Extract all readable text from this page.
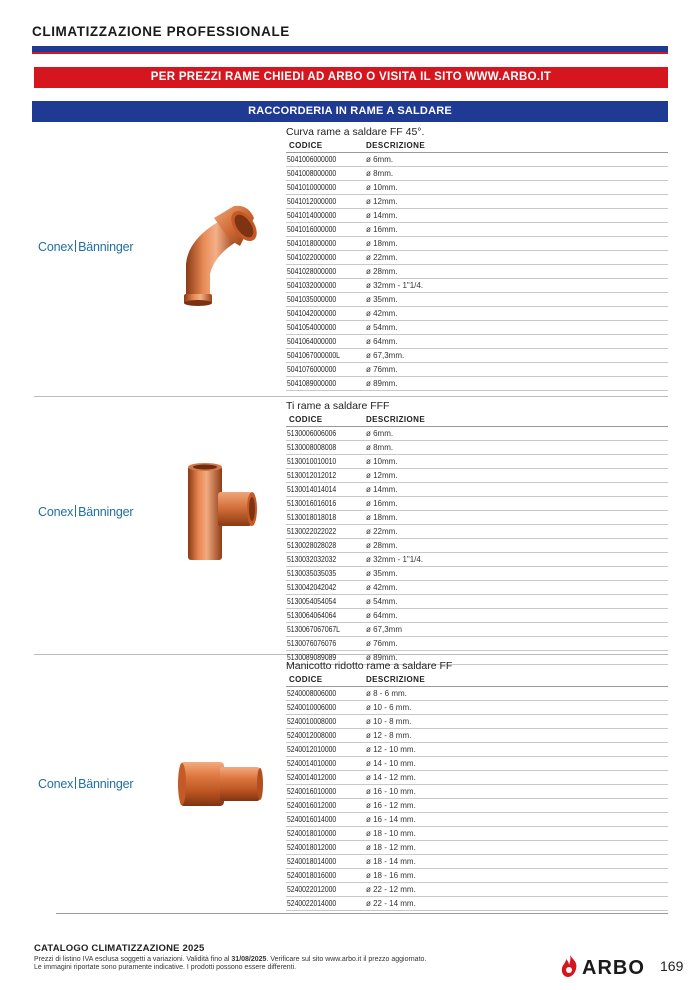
CLIMATIZZAZIONE PROFESSIONALE
PER PREZZI RAME CHIEDI AD ARBO O VISITA IL SITO WWW.ARBO.IT
RACCORDERIA IN RAME A SALDARE
Conex Bänninger
Conex Bänninger
Conex Bänninger
Curva rame a saldare FF 45°.
CODICE	DESCRIZIONE
5041006000000	ø 6mm.
5041008000000	ø 8mm.
5041010000000	ø 10mm.
5041012000000	ø 12mm.
5041014000000	ø 14mm.
5041016000000	ø 16mm.
5041018000000	ø 18mm.
5041022000000	ø 22mm.
5041028000000	ø 28mm.
5041032000000	ø 32mm - 1"1/4.
5041035000000	ø 35mm.
5041042000000	ø 42mm.
5041054000000	ø 54mm.
5041064000000	ø 64mm.
5041067000000L	ø 67,3mm.
5041076000000	ø 76mm.
5041089000000	ø 89mm.
Ti rame a saldare FFF
CODICE	DESCRIZIONE
5130006006006	ø 6mm.
5130008008008	ø 8mm.
5130010010010	ø 10mm.
5130012012012	ø 12mm.
5130014014014	ø 14mm.
5130016016016	ø 16mm.
5130018018018	ø 18mm.
5130022022022	ø 22mm.
5130028028028	ø 28mm.
5130032032032	ø 32mm - 1"1/4.
5130035035035	ø 35mm.
5130042042042	ø 42mm.
5130054054054	ø 54mm.
5130064064064	ø 64mm.
5130067067067L	ø 67,3mm
5130076076076	ø 76mm.
5130089089089	ø 89mm.
Manicotto ridotto rame a saldare FF
CODICE	DESCRIZIONE
5240008006000	ø 8 - 6 mm.
5240010006000	ø 10 - 6 mm.
5240010008000	ø 10 - 8 mm.
5240012008000	ø 12 - 8 mm.
5240012010000	ø 12 - 10 mm.
5240014010000	ø 14 - 10 mm.
5240014012000	ø 14 - 12 mm.
5240016010000	ø 16 - 10 mm.
5240016012000	ø 16 - 12 mm.
5240016014000	ø 16 - 14 mm.
5240018010000	ø 18 - 10 mm.
5240018012000	ø 18 - 12 mm.
5240018014000	ø 18 - 14 mm.
5240018016000	ø 18 - 16 mm.
5240022012000	ø 22 - 12 mm.
5240022014000	ø 22 - 14 mm.
CATALOGO CLIMATIZZAZIONE 2025
Prezzi di listino IVA esclusa soggetti a variazioni. Validità fino al 31/08/2025. Verificare sul sito www.arbo.it il prezzo aggiornato.
Le immagini riportate sono puramente indicative. I prodotti possono essere differenti.	ARBO 169
